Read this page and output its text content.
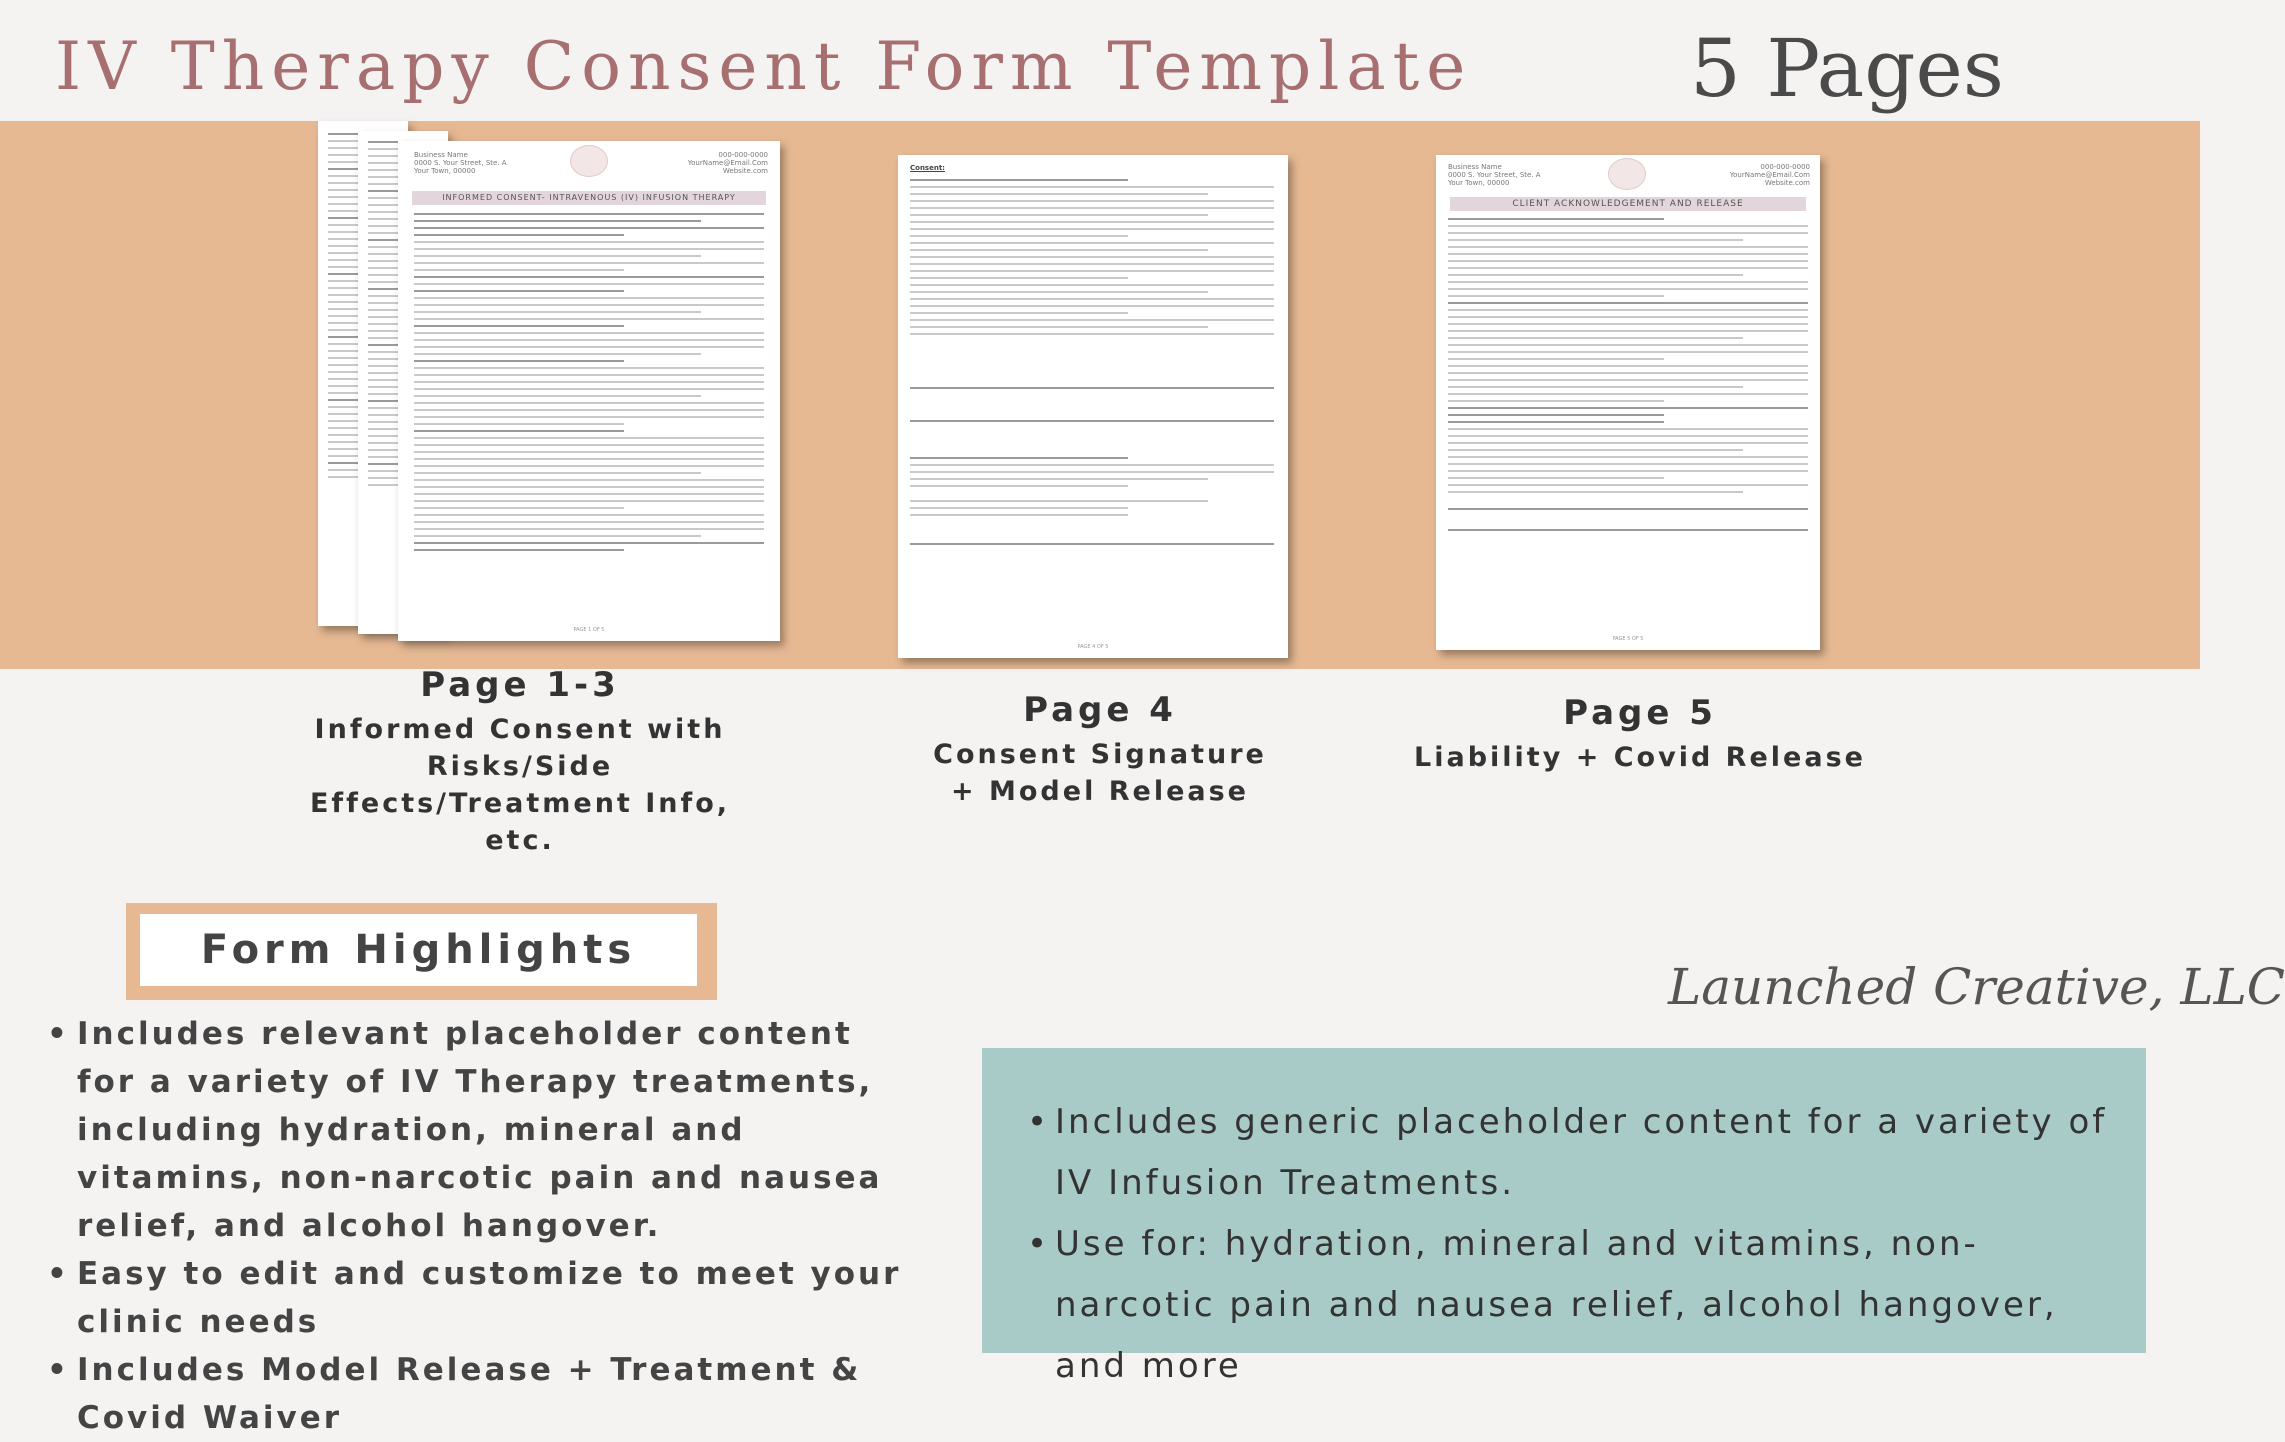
IV Therapy Consent Form Template	5 Pages
Business Name
0000 S. Your Street, Ste. A
Your Town, 00000
000-000-0000
YourName@Email.Com
Website.com
INFORMED CONSENT- INTRAVENOUS (IV) INFUSION THERAPY
PAGE 1 OF 5
Consent:
PAGE 4 OF 5
Business Name
0000 S. Your Street, Ste. A
Your Town, 00000
000-000-0000
YourName@Email.Com
Website.com
CLIENT ACKNOWLEDGEMENT AND RELEASE
PAGE 5 OF 5
Page 1-3
Informed Consent with Risks/Side Effects/Treatment Info, etc.
Page 4
Consent Signature + Model Release
Page 5
Liability + Covid Release
Form Highlights
• Includes relevant placeholder content for a variety of IV Therapy treatments, including hydration, mineral and vitamins, non-narcotic pain and nausea relief, and alcohol hangover.
• Easy to edit and customize to meet your clinic needs
• Includes Model Release + Treatment & Covid Waiver
Launched Creative, LLC
• Includes generic placeholder content for a variety of IV Infusion Treatments.
• Use for: hydration, mineral and vitamins, non-narcotic pain and nausea relief, alcohol hangover, and more
